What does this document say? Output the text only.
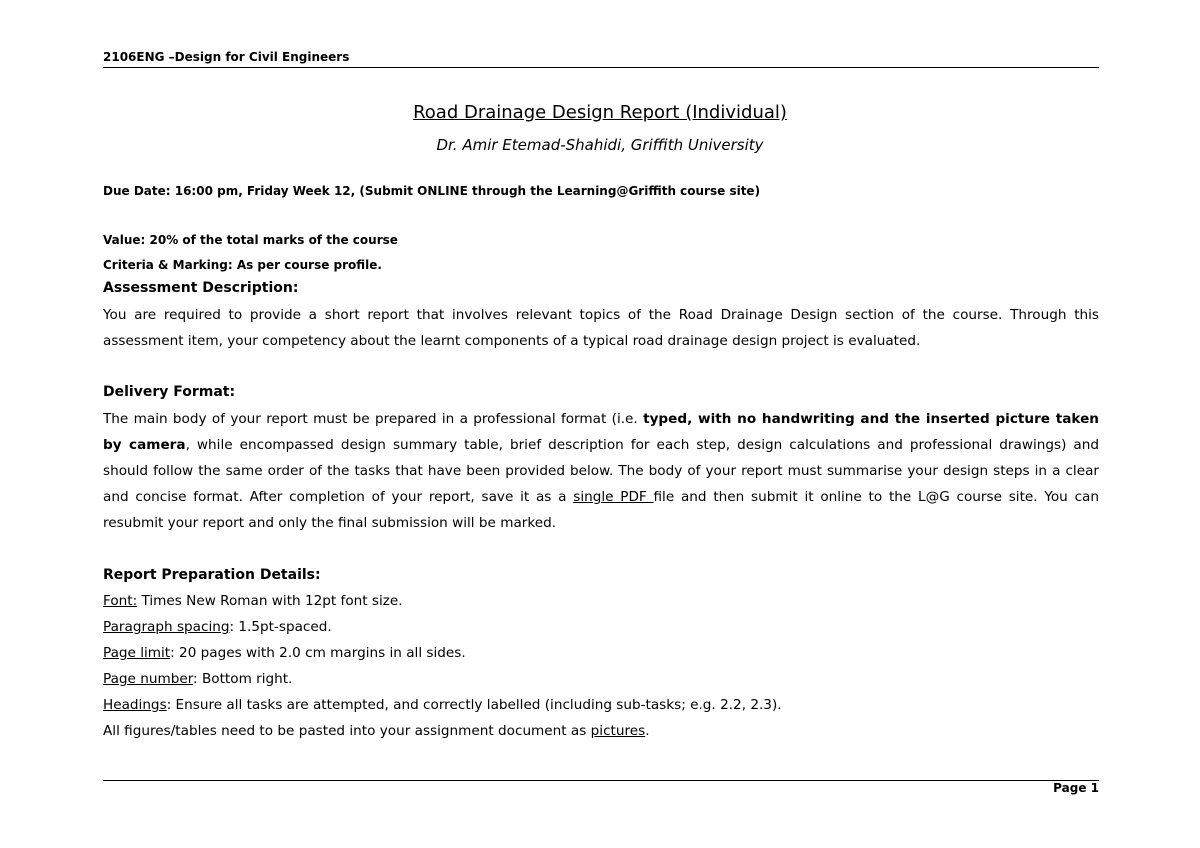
2106ENG –Design for Civil Engineers
Road Drainage Design Report (Individual)
Dr. Amir Etemad-Shahidi, Griffith University
Due Date: 16:00 pm, Friday Week 12, (Submit ONLINE through the Learning@Griffith course site)
Value: 20% of the total marks of the course
Criteria & Marking: As per course profile.
Assessment Description:
You are required to provide a short report that involves relevant topics of the Road Drainage Design section of the course. Through this assessment item, your competency about the learnt components of a typical road drainage design project is evaluated.
Delivery Format:
The main body of your report must be prepared in a professional format (i.e. typed, with no handwriting and the inserted picture taken by camera, while encompassed design summary table, brief description for each step, design calculations and professional drawings) and should follow the same order of the tasks that have been provided below. The body of your report must summarise your design steps in a clear and concise format. After completion of your report, save it as a single PDF file and then submit it online to the L@G course site. You can resubmit your report and only the final submission will be marked.
Report Preparation Details:
Font: Times New Roman with 12pt font size.
Paragraph spacing: 1.5pt-spaced.
Page limit: 20 pages with 2.0 cm margins in all sides.
Page number: Bottom right.
Headings: Ensure all tasks are attempted, and correctly labelled (including sub-tasks; e.g. 2.2, 2.3).
All figures/tables need to be pasted into your assignment document as pictures.
Page 1
